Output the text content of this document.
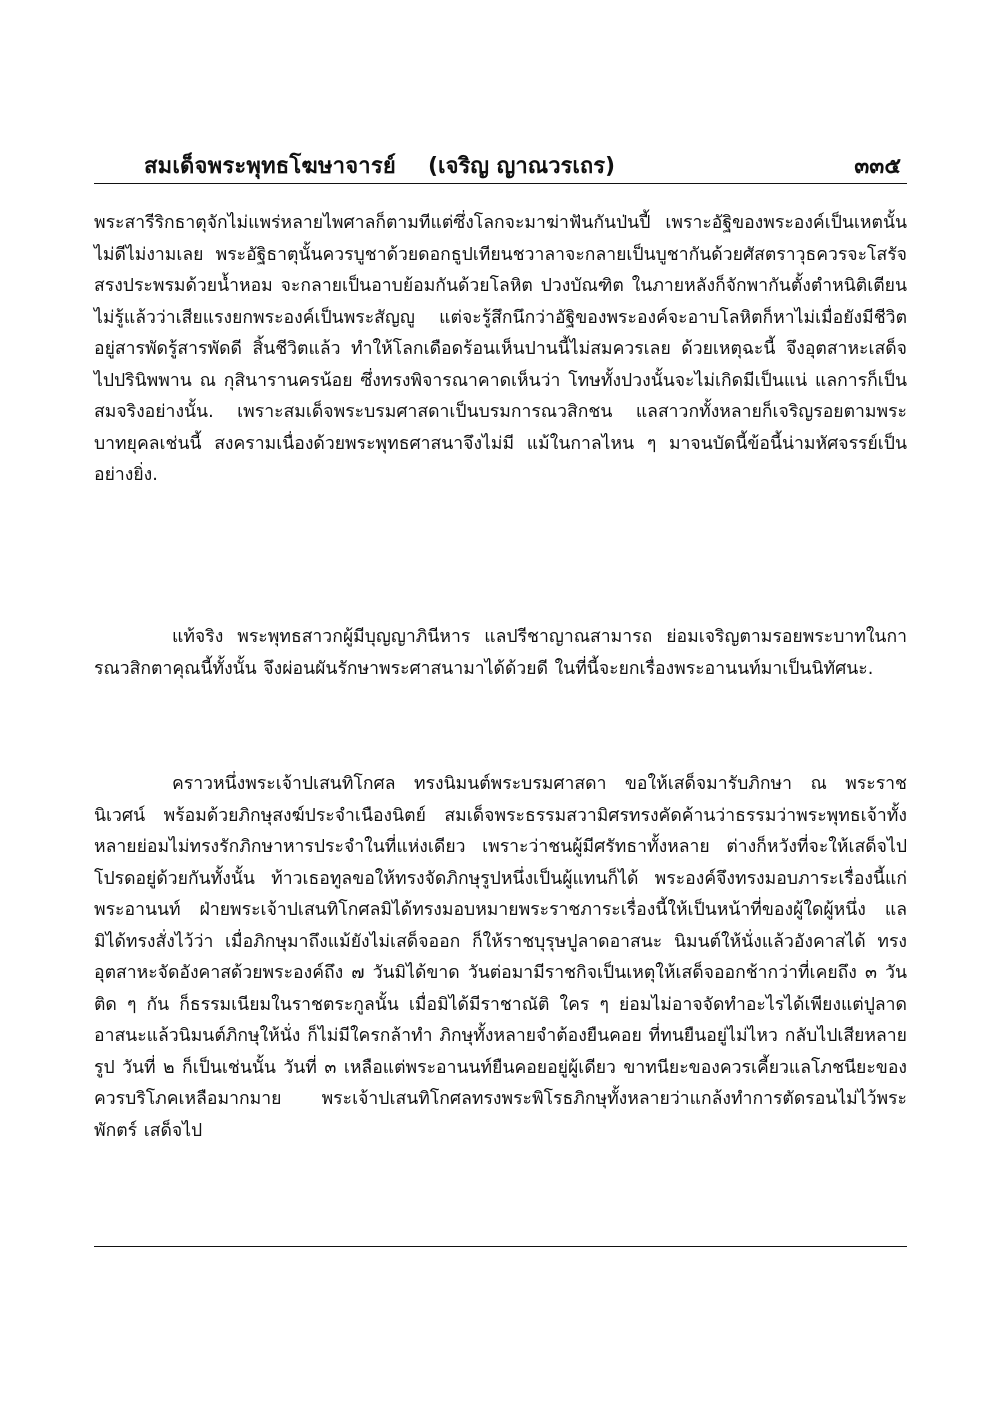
สมเด็จพระพุทธโฆษาจารย์ (เจริญ ญาณวรเถร)	๓๓๕

พระสารีริกธาตุจักไม่แพร่หลายไพศาลก็ตามทีแต่ซึ่งโลกจะมาฆ่าฟันกันป่นปี้ เพราะอัฐิของพระองค์เป็นเหตนั้นไม่ดีไม่งามเลย พระอัฐิธาตุนั้นควรบูชาด้วยดอกธูปเทียนชวาลาจะกลายเป็นบูชากันด้วยศัสตราวุธควรจะโสรัจสรงประพรมด้วยน้ำหอม จะกลายเป็นอาบย้อมกันด้วยโลหิต ปวงบัณฑิต ในภายหลังก็จักพากันตั้งตำหนิติเตียนไม่รู้แล้วว่าเสียแรงยกพระองค์เป็นพระสัญญู แต่จะรู้สึกนึกว่าอัฐิของพระองค์จะอาบโลหิตก็หาไม่เมื่อยังมีชีวิตอยู่สารพัดรู้สารพัดดี สิ้นชีวิตแล้ว ทำให้โลกเดือดร้อนเห็นปานนี้ไม่สมควรเลย ด้วยเหตุฉะนี้ จึงอุตสาหะเสด็จไปปรินิพพาน ณ กุสินารานครน้อย ซึ่งทรงพิจารณาคาดเห็นว่า โทษทั้งปวงนั้นจะไม่เกิดมีเป็นแน่ แลการก็เป็นสมจริงอย่างนั้น. เพราะสมเด็จพระบรมศาสดาเป็นบรมการณวสิกชน แลสาวกทั้งหลายก็เจริญรอยตามพระบาทยุคลเช่นนี้ สงครามเนื่องด้วยพระพุทธศาสนาจึงไม่มี แม้ในกาลไหน ๆ มาจนบัดนี้ข้อนี้น่ามหัศจรรย์เป็นอย่างยิ่ง.

แท้จริง พระพุทธสาวกผู้มีบุญญาภินีหาร แลปรีชาญาณสามารถ ย่อมเจริญตามรอยพระบาทในการณวสิกตาคุณนี้ทั้งนั้น จึงผ่อนผันรักษาพระศาสนามาได้ด้วยดี ในที่นี้จะยกเรื่องพระอานนท์มาเป็นนิทัศนะ.

คราวหนึ่งพระเจ้าปเสนทิโกศล ทรงนิมนต์พระบรมศาสดา ขอให้เสด็จมารับภิกษา ณ พระราชนิเวศน์ พร้อมด้วยภิกษุสงฆ์ประจำเนืองนิตย์ สมเด็จพระธรรมสวามิศรทรงคัดค้านว่าธรรมว่าพระพุทธเจ้าทั้งหลายย่อมไม่ทรงรักภิกษาหารประจำในที่แห่งเดียว เพราะว่าชนผู้มีศรัทธาทั้งหลาย ต่างก็หวังที่จะให้เสด็จไปโปรดอยู่ด้วยกันทั้งนั้น ท้าวเธอทูลขอให้ทรงจัดภิกษุรูปหนึ่งเป็นผู้แทนก็ได้ พระองค์จึงทรงมอบภาระเรื่องนี้แก่พระอานนท์ ฝ่ายพระเจ้าปเสนทิโกศลมิได้ทรงมอบหมายพระราชภาระเรื่องนี้ให้เป็นหน้าที่ของผู้ใดผู้หนึ่ง แลมิได้ทรงสั่งไว้ว่า เมื่อภิกษุมาถึงแม้ยังไม่เสด็จออก ก็ให้ราชบุรุษปูลาดอาสนะ นิมนต์ให้นั่งแล้วอังคาสได้ ทรงอุตสาหะจัดอังคาสด้วยพระองค์ถึง ๗ วันมิได้ขาด วันต่อมามีราชกิจเป็นเหตุให้เสด็จออกช้ากว่าที่เคยถึง ๓ วันติด ๆ กัน ก็ธรรมเนียมในราชตระกูลนั้น เมื่อมิได้มีราชาณัติ ใคร ๆ ย่อมไม่อาจจัดทำอะไรได้เพียงแต่ปูลาดอาสนะแล้วนิมนต์ภิกษุให้นั่ง ก็ไม่มีใครกล้าทำ ภิกษุทั้งหลายจำต้องยืนคอย ที่ทนยืนอยู่ไม่ไหว กลับไปเสียหลายรูป วันที่ ๒ ก็เป็นเช่นนั้น วันที่ ๓ เหลือแต่พระอานนท์ยืนคอยอยู่ผู้เดียว ขาทนียะของควรเคี้ยวแลโภชนียะของควรบริโภคเหลือมากมาย พระเจ้าปเสนทิโกศลทรงพระพิโรธภิกษุทั้งหลายว่าแกล้งทำการตัดรอนไม่ไว้พระพักตร์ เสด็จไป
